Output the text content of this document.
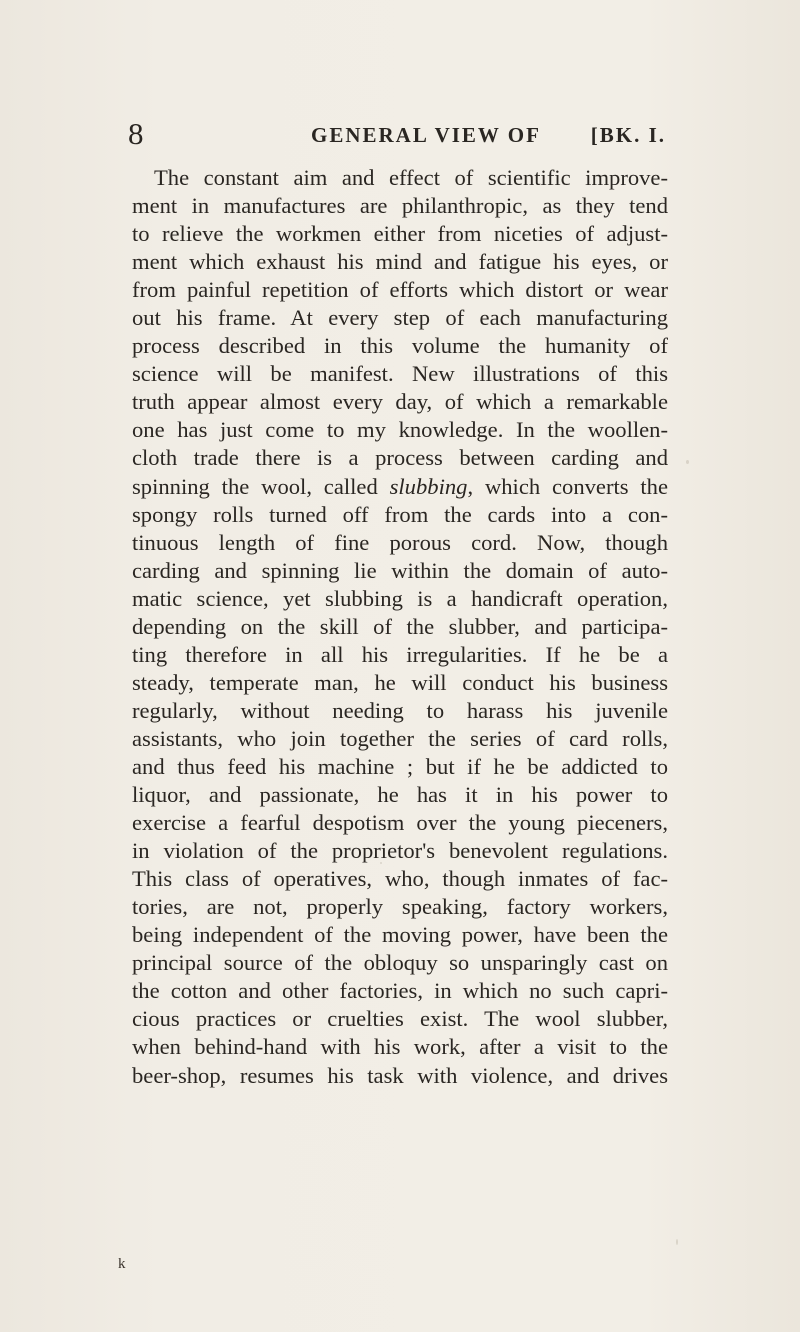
8	GENERAL VIEW OF [BK. I.
The constant aim and effect of scientific improve-
ment in manufactures are philanthropic, as they tend
to relieve the workmen either from niceties of adjust-
ment which exhaust his mind and fatigue his eyes, or
from painful repetition of efforts which distort or wear
out his frame. At every step of each manufacturing
process described in this volume the humanity of
science will be manifest. New illustrations of this
truth appear almost every day, of which a remarkable
one has just come to my knowledge. In the woollen-
cloth trade there is a process between carding and
spinning the wool, called slubbing, which converts the
spongy rolls turned off from the cards into a con-
tinuous length of fine porous cord. Now, though
carding and spinning lie within the domain of auto-
matic science, yet slubbing is a handicraft operation,
depending on the skill of the slubber, and participa-
ting therefore in all his irregularities. If he be a
steady, temperate man, he will conduct his business
regularly, without needing to harass his juvenile
assistants, who join together the series of card rolls,
and thus feed his machine ; but if he be addicted to
liquor, and passionate, he has it in his power to
exercise a fearful despotism over the young pieceners,
in violation of the proprietor's benevolent regulations.
This class of operatives, who, though inmates of fac-
tories, are not, properly speaking, factory workers,
being independent of the moving power, have been the
principal source of the obloquy so unsparingly cast on
the cotton and other factories, in which no such capri-
cious practices or cruelties exist. The wool slubber,
when behind-hand with his work, after a visit to the
beer-shop, resumes his task with violence, and drives
k
